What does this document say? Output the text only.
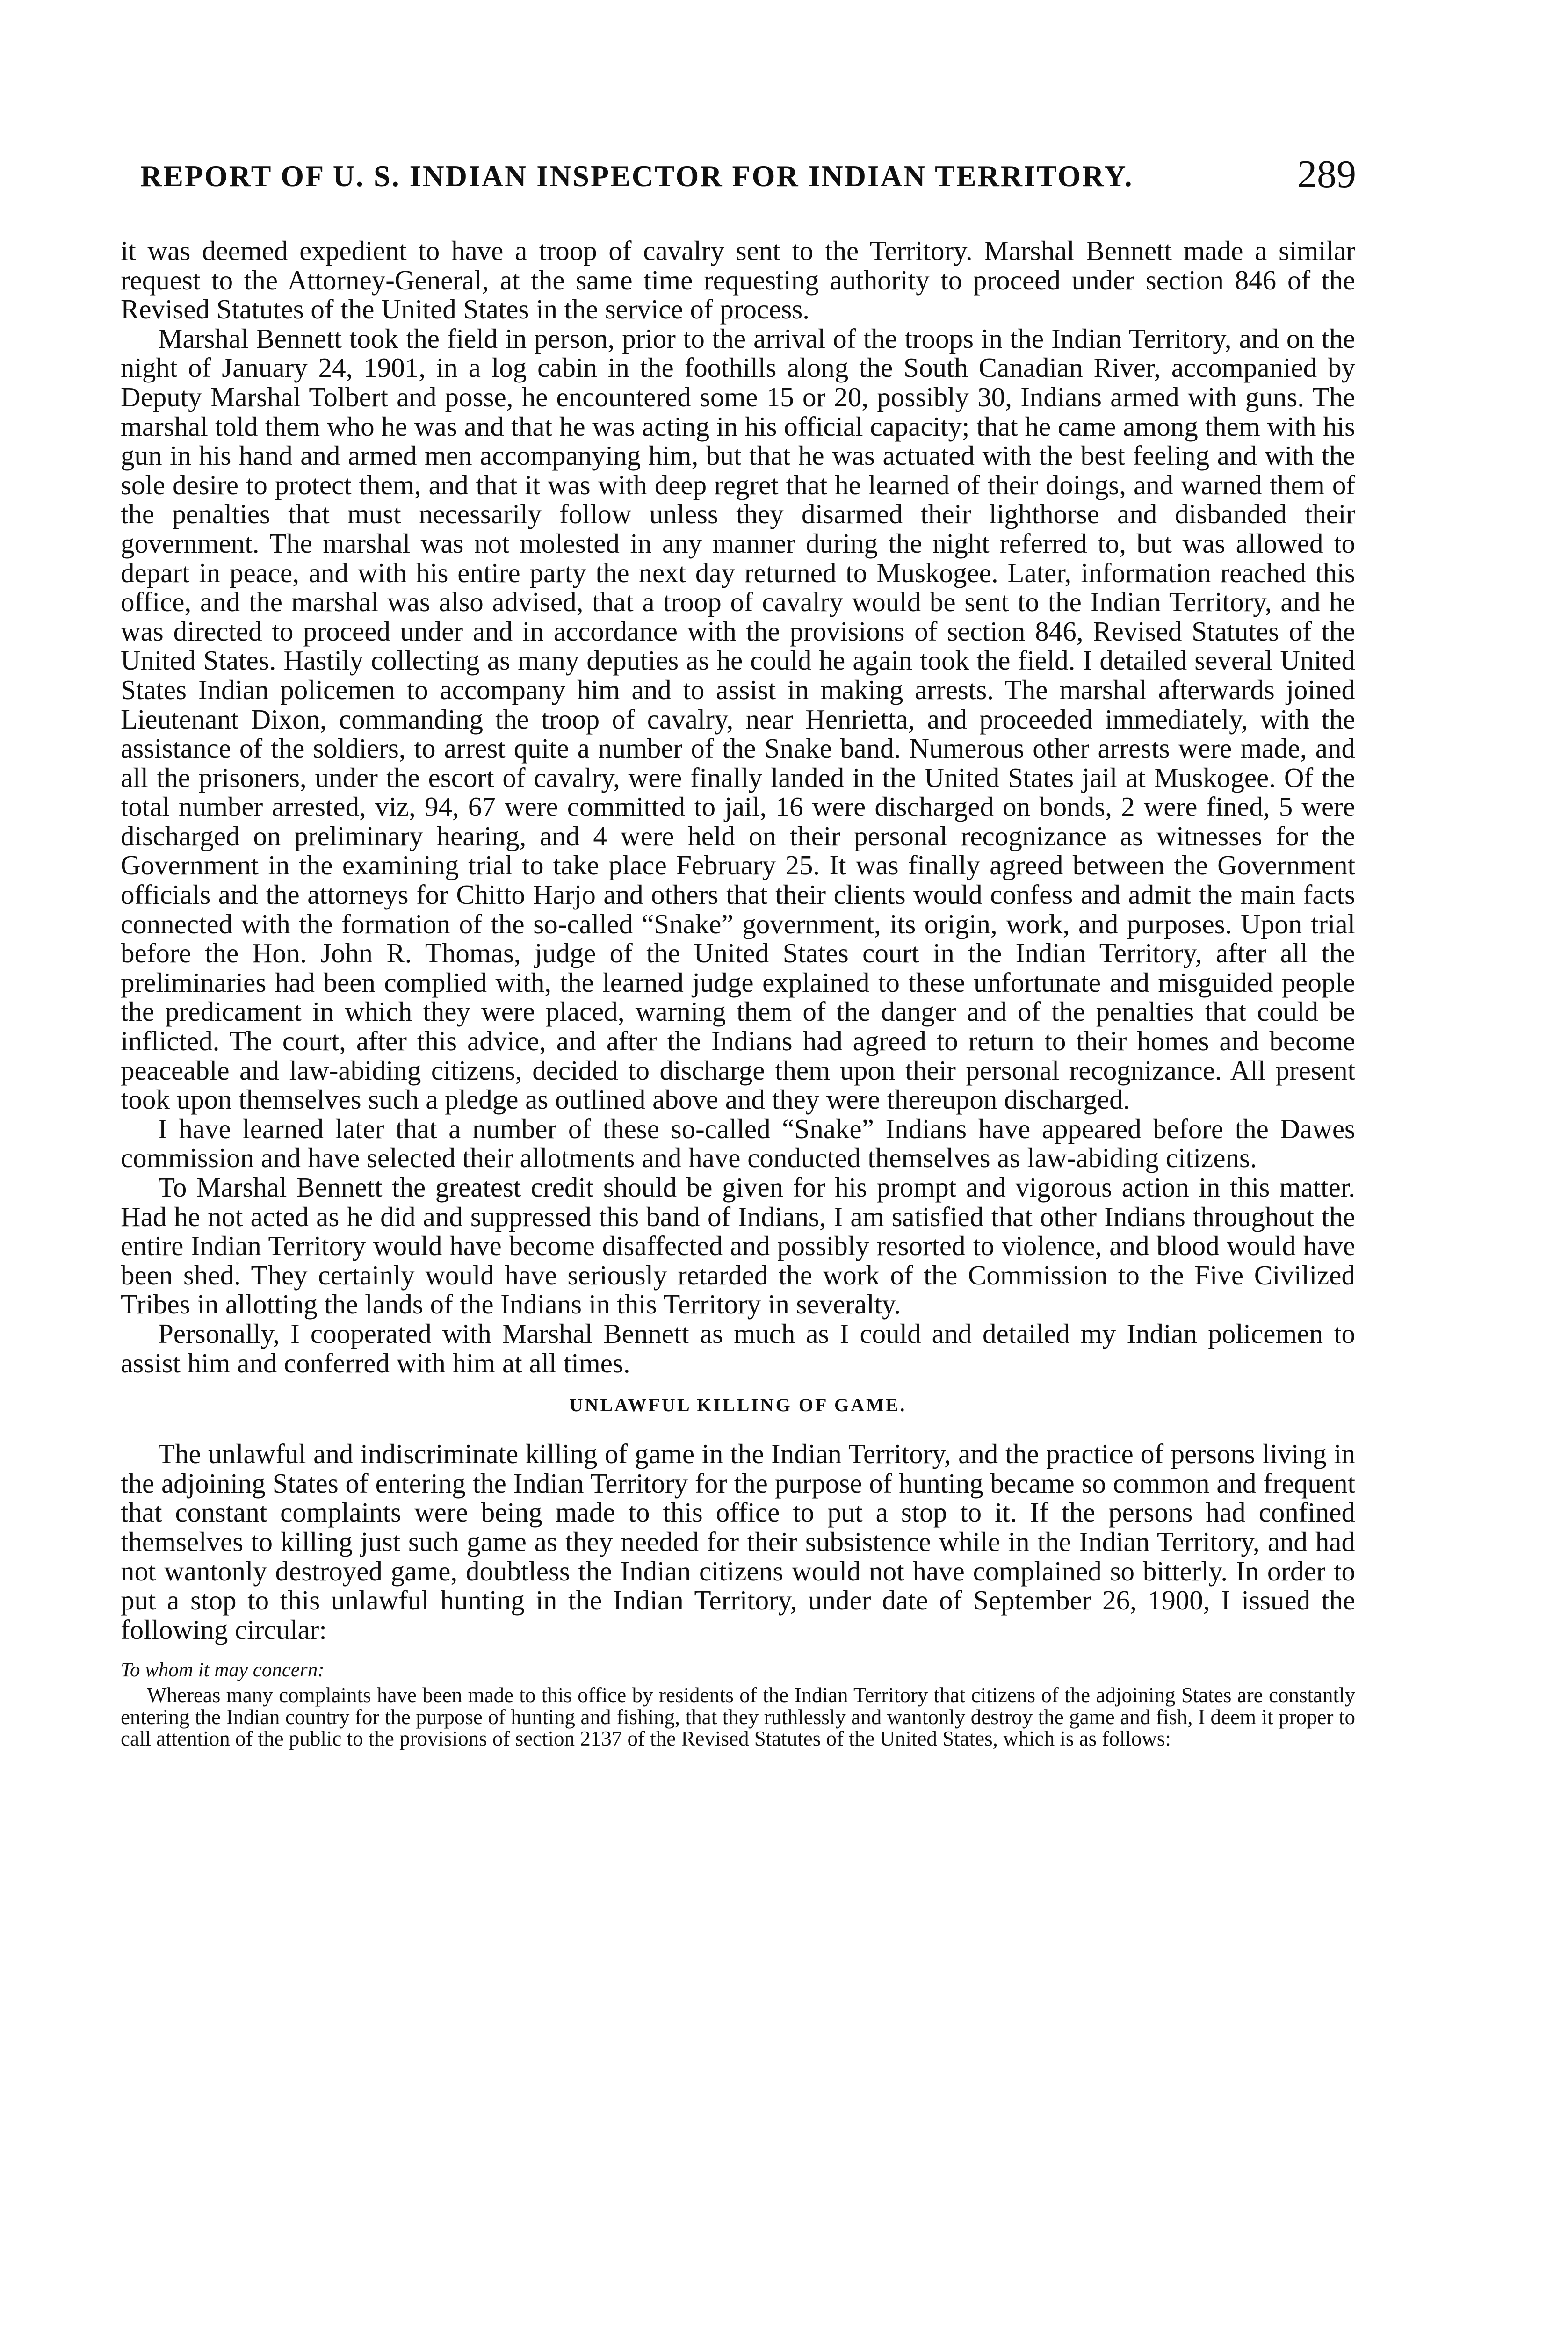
REPORT OF U. S. INDIAN INSPECTOR FOR INDIAN TERRITORY.	289

it was deemed expedient to have a troop of cavalry sent to the Territory. Marshal Bennett made a similar request to the Attorney-General, at the same time requesting authority to proceed under section 846 of the Revised Statutes of the United States in the service of process.

Marshal Bennett took the field in person, prior to the arrival of the troops in the Indian Territory, and on the night of January 24, 1901, in a log cabin in the foothills along the South Canadian River, accompanied by Deputy Marshal Tolbert and posse, he encountered some 15 or 20, possibly 30, Indians armed with guns. The marshal told them who he was and that he was acting in his official capacity; that he came among them with his gun in his hand and armed men accompanying him, but that he was actuated with the best feeling and with the sole desire to protect them, and that it was with deep regret that he learned of their doings, and warned them of the penalties that must necessarily follow unless they disarmed their lighthorse and disbanded their government. The marshal was not molested in any manner during the night referred to, but was allowed to depart in peace, and with his entire party the next day returned to Muskogee. Later, information reached this office, and the marshal was also advised, that a troop of cavalry would be sent to the Indian Territory, and he was directed to proceed under and in accordance with the provisions of section 846, Revised Statutes of the United States. Hastily collecting as many deputies as he could he again took the field. I detailed several United States Indian policemen to accompany him and to assist in making arrests. The marshal afterwards joined Lieutenant Dixon, commanding the troop of cavalry, near Henrietta, and proceeded immediately, with the assistance of the soldiers, to arrest quite a number of the Snake band. Numerous other arrests were made, and all the prisoners, under the escort of cavalry, were finally landed in the United States jail at Muskogee. Of the total number arrested, viz, 94, 67 were committed to jail, 16 were discharged on bonds, 2 were fined, 5 were discharged on preliminary hearing, and 4 were held on their personal recognizance as witnesses for the Government in the examining trial to take place February 25. It was finally agreed between the Government officials and the attorneys for Chitto Harjo and others that their clients would confess and admit the main facts connected with the formation of the so-called “Snake” government, its origin, work, and purposes. Upon trial before the Hon. John R. Thomas, judge of the United States court in the Indian Territory, after all the preliminaries had been complied with, the learned judge explained to these unfortunate and misguided people the predicament in which they were placed, warning them of the danger and of the penalties that could be inflicted. The court, after this advice, and after the Indians had agreed to return to their homes and become peaceable and law-abiding citizens, decided to discharge them upon their personal recognizance. All present took upon themselves such a pledge as outlined above and they were thereupon discharged.

I have learned later that a number of these so-called “Snake” Indians have appeared before the Dawes commission and have selected their allotments and have conducted themselves as law-abiding citizens.

To Marshal Bennett the greatest credit should be given for his prompt and vigorous action in this matter. Had he not acted as he did and suppressed this band of Indians, I am satisfied that other Indians throughout the entire Indian Territory would have become disaffected and possibly resorted to violence, and blood would have been shed. They certainly would have seriously retarded the work of the Commission to the Five Civilized Tribes in allotting the lands of the Indians in this Territory in severalty.

Personally, I cooperated with Marshal Bennett as much as I could and detailed my Indian policemen to assist him and conferred with him at all times.

UNLAWFUL KILLING OF GAME.

The unlawful and indiscriminate killing of game in the Indian Territory, and the practice of persons living in the adjoining States of entering the Indian Territory for the purpose of hunting became so common and frequent that constant complaints were being made to this office to put a stop to it. If the persons had confined themselves to killing just such game as they needed for their subsistence while in the Indian Territory, and had not wantonly destroyed game, doubtless the Indian citizens would not have complained so bitterly. In order to put a stop to this unlawful hunting in the Indian Territory, under date of September 26, 1900, I issued the following circular:

To whom it may concern:

Whereas many complaints have been made to this office by residents of the Indian Territory that citizens of the adjoining States are constantly entering the Indian country for the purpose of hunting and fishing, that they ruthlessly and wantonly destroy the game and fish, I deem it proper to call attention of the public to the provisions of section 2137 of the Revised Statutes of the United States, which is as follows:
